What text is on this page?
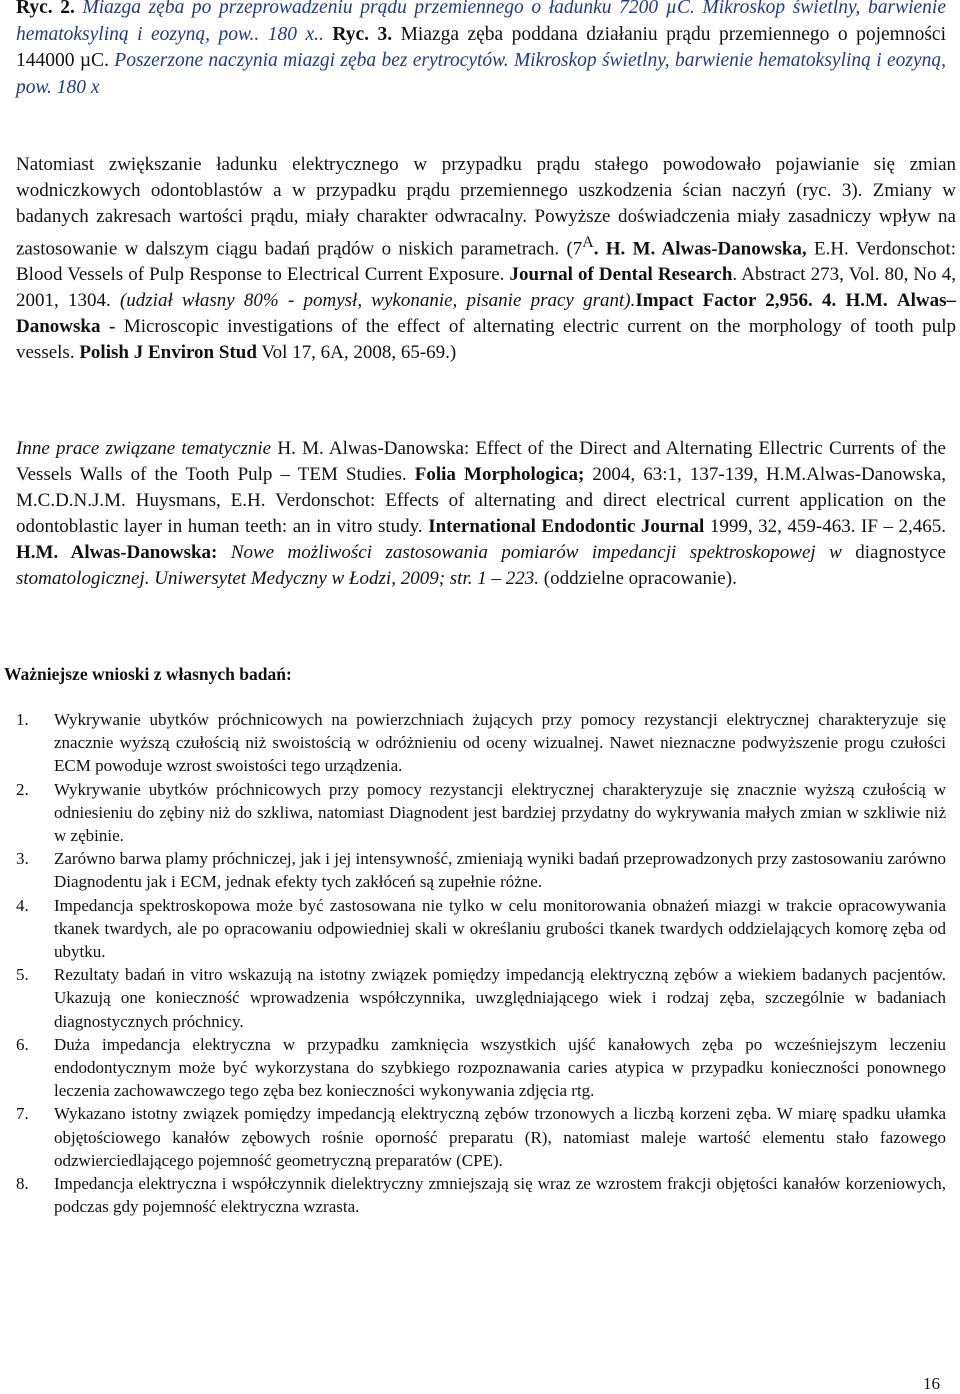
Ryc. 2. Miazga zęba po przeprowadzeniu prądu przemiennego o ładunku 7200 µC. Mikroskop świetlny, barwienie hematoksyliną i eozyną, pow.. 180 x.. Ryc. 3. Miazga zęba poddana działaniu prądu przemiennego o pojemności 144000 µC. Poszerzone naczynia miazgi zęba bez erytrocytów. Mikroskop świetlny, barwienie hematoksyliną i eozyną, pow. 180 x
Natomiast zwiększanie ładunku elektrycznego w przypadku prądu stałego powodowało pojawianie się zmian wodniczkowych odontoblastów a w przypadku prądu przemiennego uszkodzenia ścian naczyń (ryc. 3). Zmiany w badanych zakresach wartości prądu, miały charakter odwracalny. Powyższe doświadczenia miały zasadniczy wpływ na zastosowanie w dalszym ciągu badań prądów o niskich parametrach. ($7^A$. H. M. Alwas-Danowska, E.H. Verdonschot: Blood Vessels of Pulp Response to Electrical Current Exposure. Journal of Dental Research. Abstract 273, Vol. 80, No 4, 2001, 1304. (udział własny 80% - pomysł, wykonanie, pisanie pracy grant).Impact Factor 2,956. 4. H.M. Alwas–Danowska - Microscopic investigations of the effect of alternating electric current on the morphology of tooth pulp vessels. Polish J Environ Stud Vol 17, 6A, 2008, 65-69.)
Inne prace związane tematycznie H. M. Alwas-Danowska: Effect of the Direct and Alternating Ellectric Currents of the Vessels Walls of the Tooth Pulp – TEM Studies. Folia Morphologica; 2004, 63:1, 137-139, H.M.Alwas-Danowska, M.C.D.N.J.M. Huysmans, E.H. Verdonschot: Effects of alternating and direct electrical current application on the odontoblastic layer in human teeth: an in vitro study. International Endodontic Journal 1999, 32, 459-463. IF – 2,465. H.M. Alwas-Danowska: Nowe możliwości zastosowania pomiarów impedancji spektroskopowej w diagnostyce stomatologicznej. Uniwersytet Medyczny w Łodzi, 2009; str. 1 – 223. (oddzielne opracowanie).
Ważniejsze wnioski z własnych badań:
1. Wykrywanie ubytków próchnicowych na powierzchniach żujących przy pomocy rezystancji elektrycznej charakteryzuje się znacznie wyższą czułością niż swoistością w odróżnieniu od oceny wizualnej. Nawet nieznaczne podwyższenie progu czułości ECM powoduje wzrost swoistości tego urządzenia.
2. Wykrywanie ubytków próchnicowych przy pomocy rezystancji elektrycznej charakteryzuje się znacznie wyższą czułością w odniesieniu do zębiny niż do szkliwa, natomiast Diagnodent jest bardziej przydatny do wykrywania małych zmian w szkliwie niż w zębinie.
3. Zarówno barwa plamy próchniczej, jak i jej intensywność, zmieniają wyniki badań przeprowadzonych przy zastosowaniu zarówno Diagnodentu jak i ECM, jednak efekty tych zakłóceń są zupełnie różne.
4. Impedancja spektroskopowa może być zastosowana nie tylko w celu monitorowania obnażeń miazgi w trakcie opracowywania tkanek twardych, ale po opracowaniu odpowiedniej skali w określaniu grubości tkanek twardych oddzielających komorę zęba od ubytku.
5. Rezultaty badań in vitro wskazują na istotny związek pomiędzy impedancją elektryczną zębów a wiekiem badanych pacjentów. Ukazują one konieczność wprowadzenia współczynnika, uwzględniającego wiek i rodzaj zęba, szczególnie w badaniach diagnostycznych próchnicy.
6. Duża impedancja elektryczna w przypadku zamknięcia wszystkich ujść kanałowych zęba po wcześniejszym leczeniu endodontycznym może być wykorzystana do szybkiego rozpoznawania caries atypica w przypadku konieczności ponownego leczenia zachowawczego tego zęba bez konieczności wykonywania zdjęcia rtg.
7. Wykazano istotny związek pomiędzy impedancją elektryczną zębów trzonowych a liczbą korzeni zęba. W miarę spadku ułamka objętościowego kanałów zębowych rośnie oporność preparatu (R), natomiast maleje wartość elementu stało fazowego odzwierciedlającego pojemność geometryczną preparatów (CPE).
8. Impedancja elektryczna i współczynnik dielektryczny zmniejszają się wraz ze wzrostem frakcji objętości kanałów korzeniowych, podczas gdy pojemność elektryczna wzrasta.
16
